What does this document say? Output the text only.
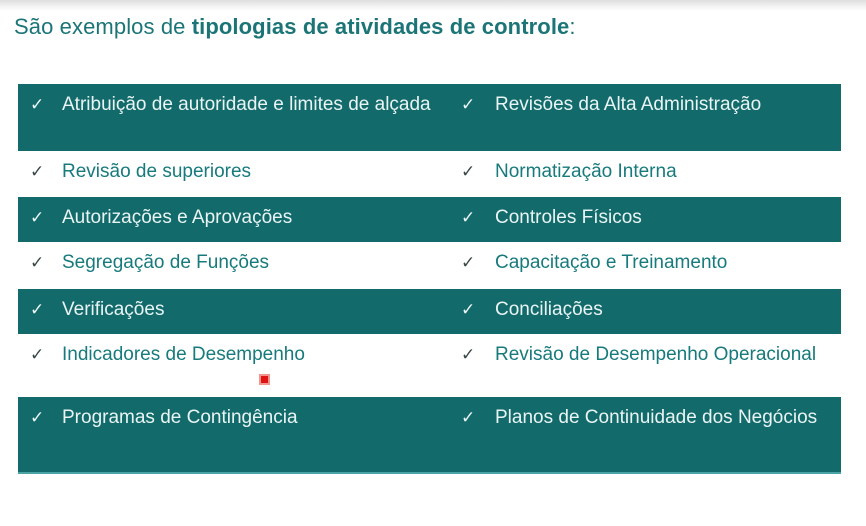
São exemplos de tipologias de atividades de controle:
✓ Atribuição de autoridade e limites de alçada	✓ Revisões da Alta Administração
✓ Revisão de superiores	✓ Normatização Interna
✓ Autorizações e Aprovações	✓ Controles Físicos
✓ Segregação de Funções	✓ Capacitação e Treinamento
✓ Verificações	✓ Conciliações
✓ Indicadores de Desempenho	✓ Revisão de Desempenho Operacional
✓ Programas de Contingência	✓ Planos de Continuidade dos Negócios
